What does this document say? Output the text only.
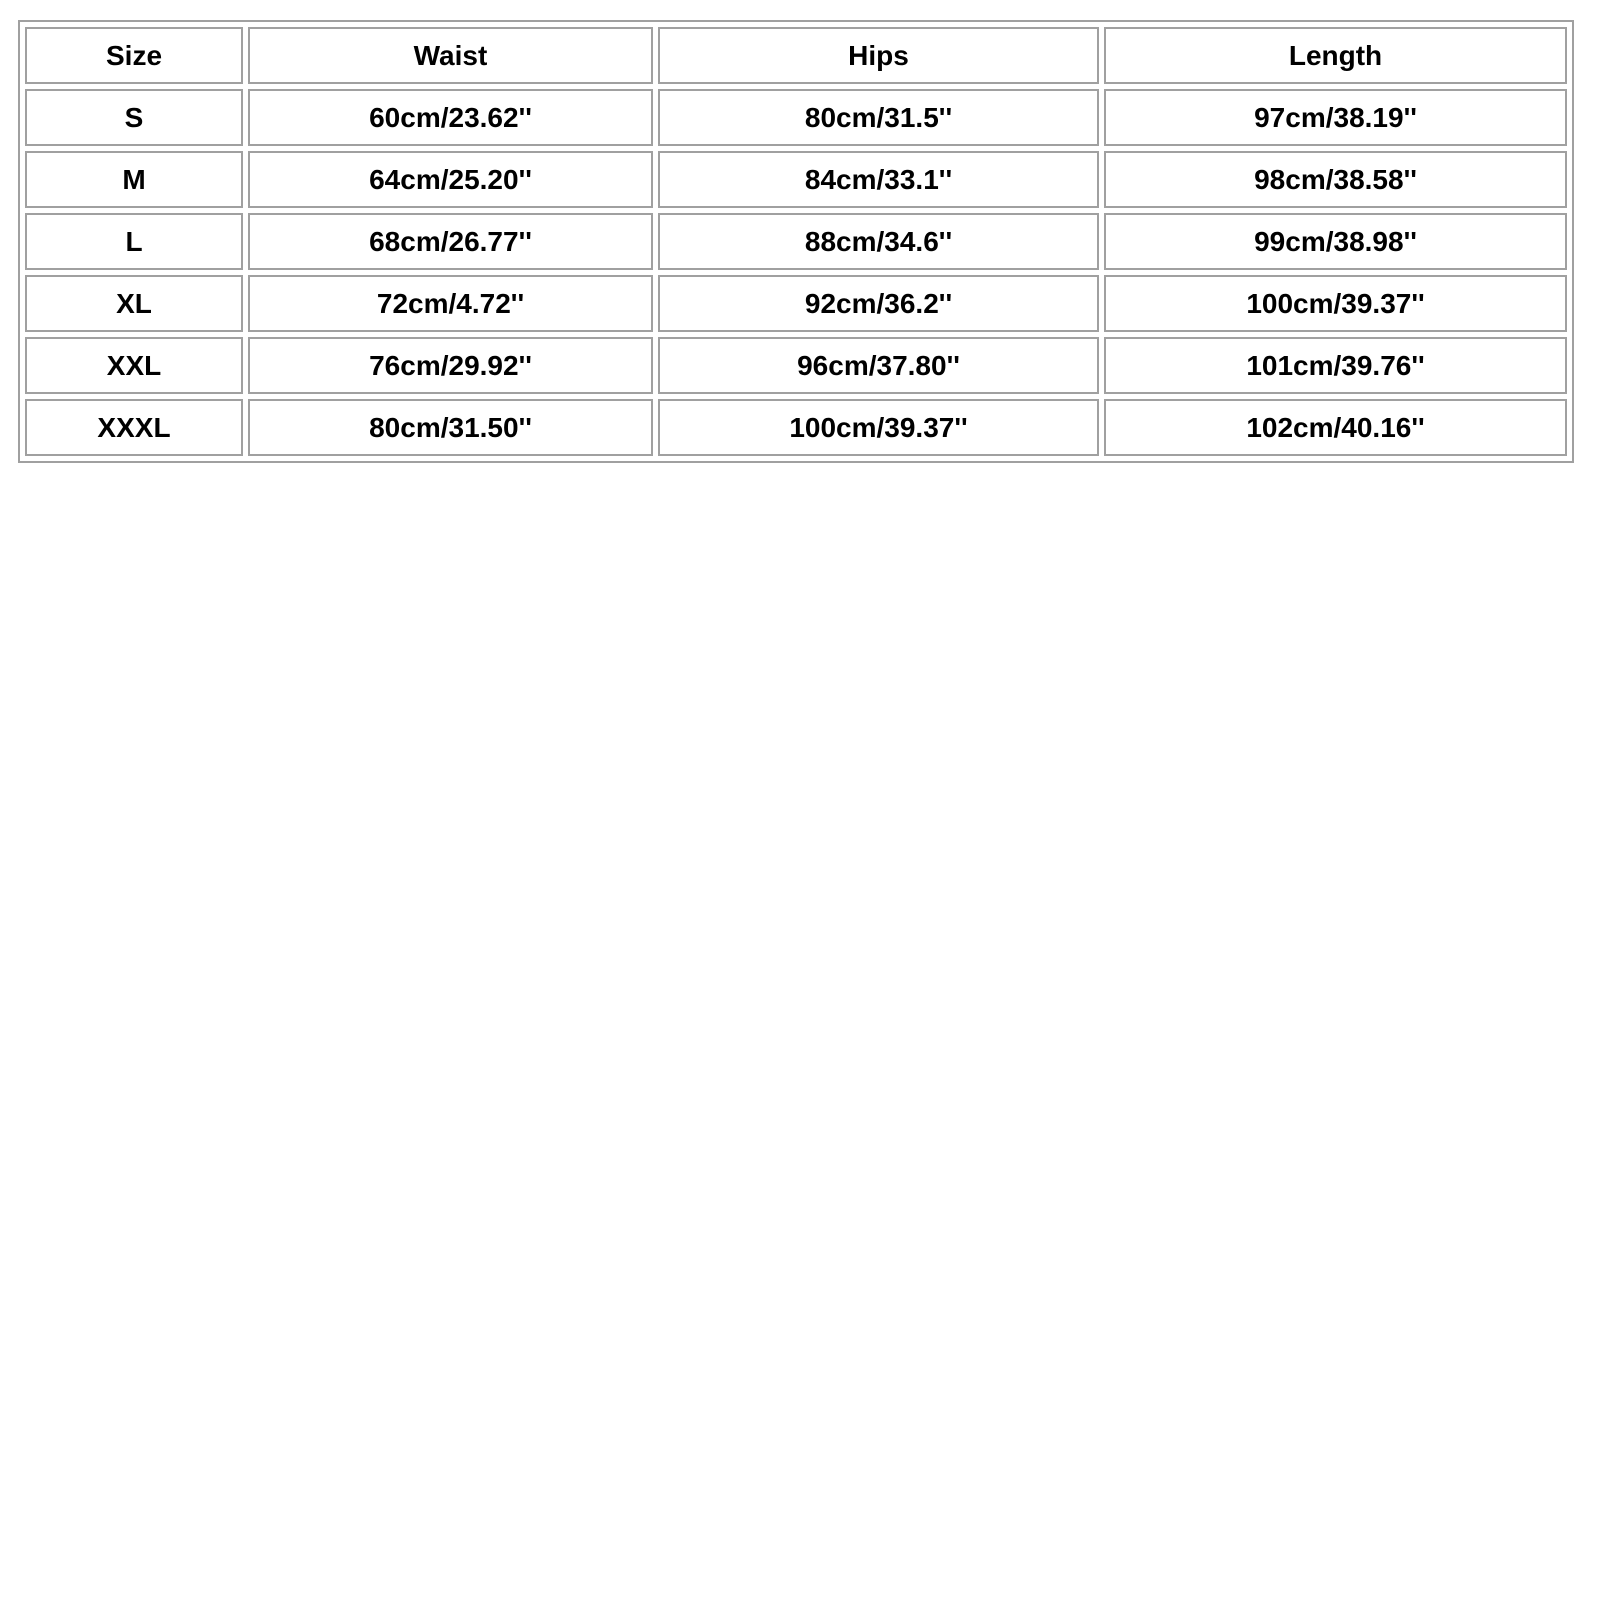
Size	Waist	Hips	Length
S	60cm/23.62''	80cm/31.5''	97cm/38.19''
M	64cm/25.20''	84cm/33.1''	98cm/38.58''
L	68cm/26.77''	88cm/34.6''	99cm/38.98''
XL	72cm/4.72''	92cm/36.2''	100cm/39.37''
XXL	76cm/29.92''	96cm/37.80''	101cm/39.76''
XXXL	80cm/31.50''	100cm/39.37''	102cm/40.16''
